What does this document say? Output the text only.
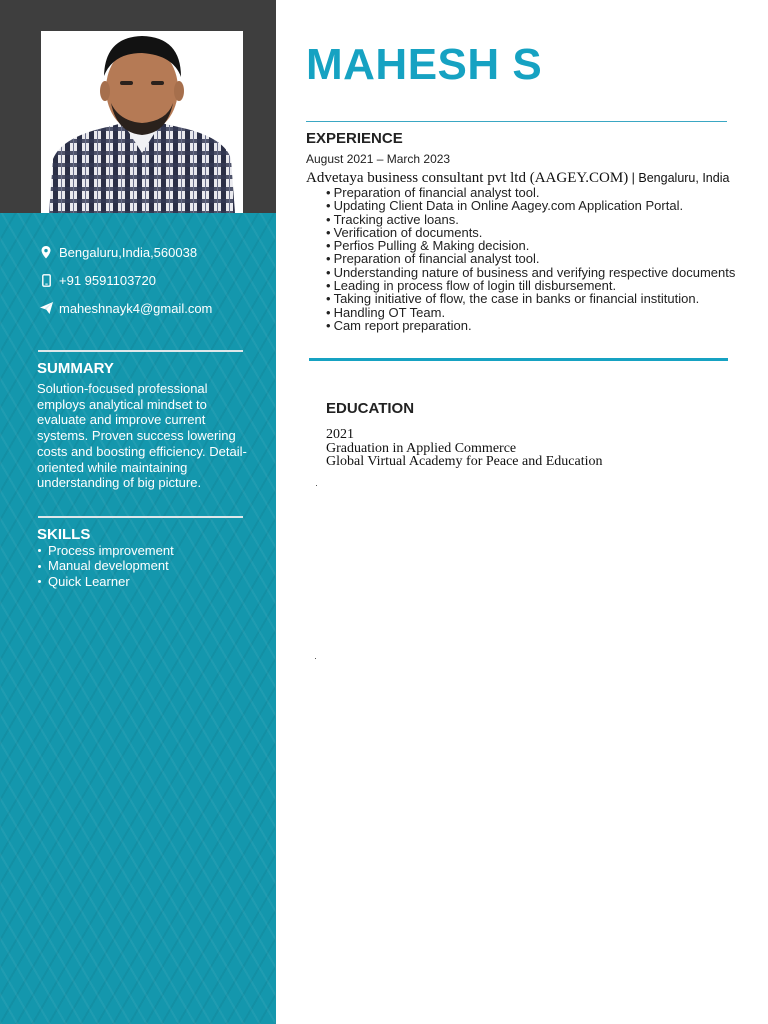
Bengaluru,India,560038
+91 9591103720
maheshnayk4@gmail.com
SUMMARY

Solution-focused professional employs analytical mindset to evaluate and improve current systems. Proven success lowering costs and boosting efficiency. Detail-oriented while maintaining understanding of big picture.

SKILLS
Process improvement
Manual development
Quick Learner
MAHESH S
EXPERIENCE
August 2021 – March 2023
Advetaya business consultant pvt ltd (AAGEY.COM) | Bengaluru, India
• Preparation of financial analyst tool.
• Updating Client Data in Online Aagey.com Application Portal.
• Tracking active loans.
• Verification of documents.
• Perfios Pulling & Making decision.
• Preparation of financial analyst tool.
• Understanding nature of business and verifying respective documents
• Leading in process flow of login till disbursement.
• Taking initiative of flow, the case in banks or financial institution.
• Handling OT Team.
• Cam report preparation.
EDUCATION
2021
Graduation in Applied Commerce
Global Virtual Academy for Peace and Education
